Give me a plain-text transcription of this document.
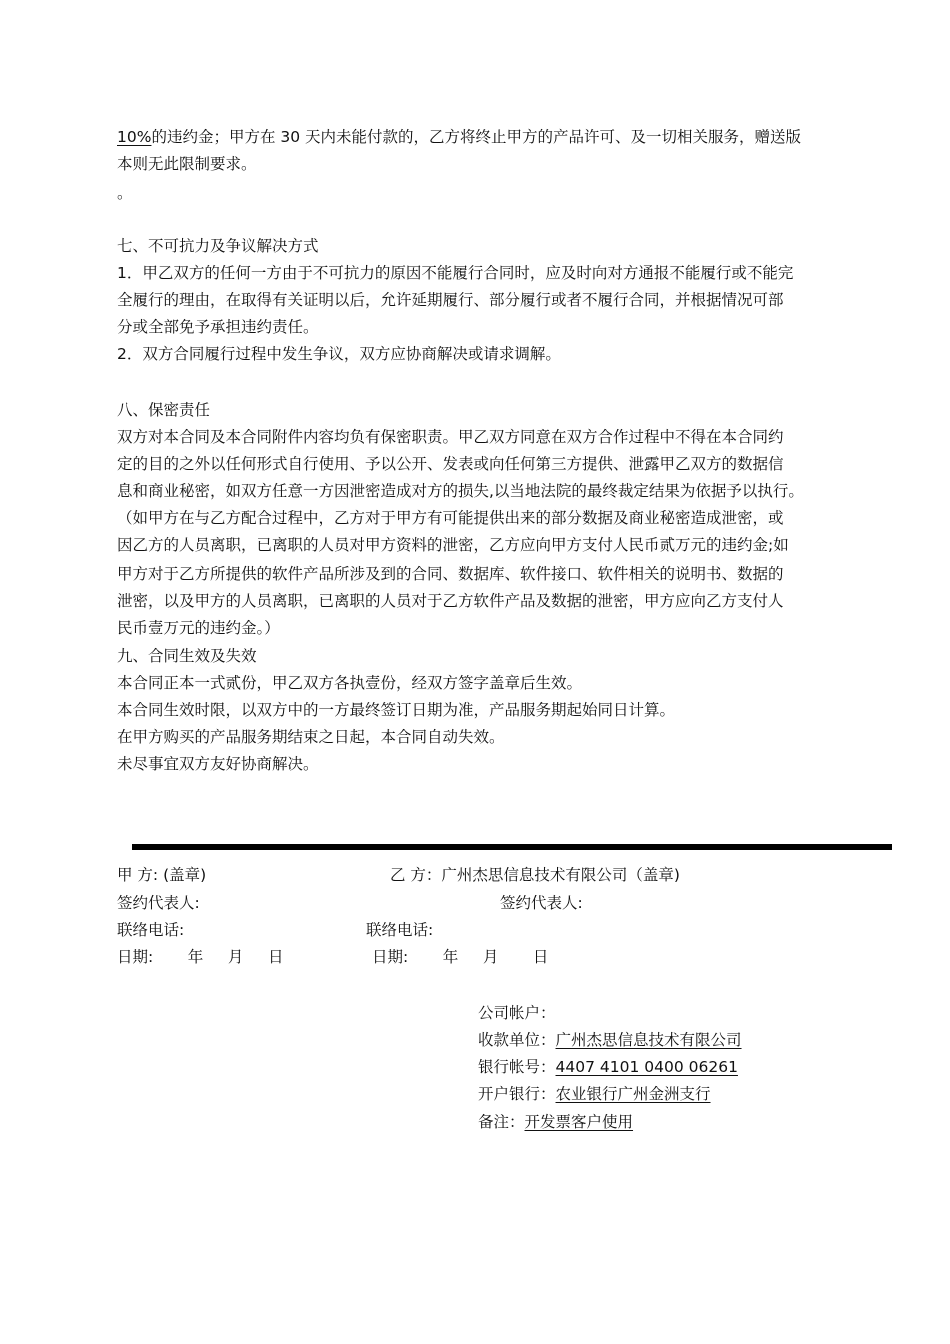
10%的违约金；甲方在 30 天内未能付款的，乙方将终止甲方的产品许可、及一切相关服务，赠送版
本则无此限制要求。
。
七、不可抗力及争议解决方式
1．甲乙双方的任何一方由于不可抗力的原因不能履行合同时，应及时向对方通报不能履行或不能完
全履行的理由，在取得有关证明以后，允许延期履行、部分履行或者不履行合同，并根据情况可部
分或全部免予承担违约责任。
2．双方合同履行过程中发生争议，双方应协商解决或请求调解。
八、保密责任
双方对本合同及本合同附件内容均负有保密职责。甲乙双方同意在双方合作过程中不得在本合同约
定的目的之外以任何形式自行使用、予以公开、发表或向任何第三方提供、泄露甲乙双方的数据信
息和商业秘密，如双方任意一方因泄密造成对方的损失,以当地法院的最终裁定结果为依据予以执行。
（如甲方在与乙方配合过程中，乙方对于甲方有可能提供出来的部分数据及商业秘密造成泄密，或
因乙方的人员离职，已离职的人员对甲方资料的泄密，乙方应向甲方支付人民币贰万元的违约金;如
甲方对于乙方所提供的软件产品所涉及到的合同、数据库、软件接口、软件相关的说明书、数据的
泄密，以及甲方的人员离职，已离职的人员对于乙方软件产品及数据的泄密，甲方应向乙方支付人
民币壹万元的违约金。）
九、合同生效及失效
本合同正本一式贰份，甲乙双方各执壹份，经双方签字盖章后生效。
本合同生效时限，以双方中的一方最终签订日期为准，产品服务期起始同日计算。
在甲方购买的产品服务期结束之日起，本合同自动失效。
未尽事宜双方友好协商解决。
甲 方: (盖章)	乙 方：广州杰思信息技术有限公司（盖章)
签约代表人:	签约代表人:
联络电话:	联络电话:
日期:       年     月     日	日期:       年     月       日
公司帐户：
收款单位：广州杰思信息技术有限公司
银行帐号：4407 4101 0400 06261
开户银行：农业银行广州金洲支行
备注：开发票客户使用
